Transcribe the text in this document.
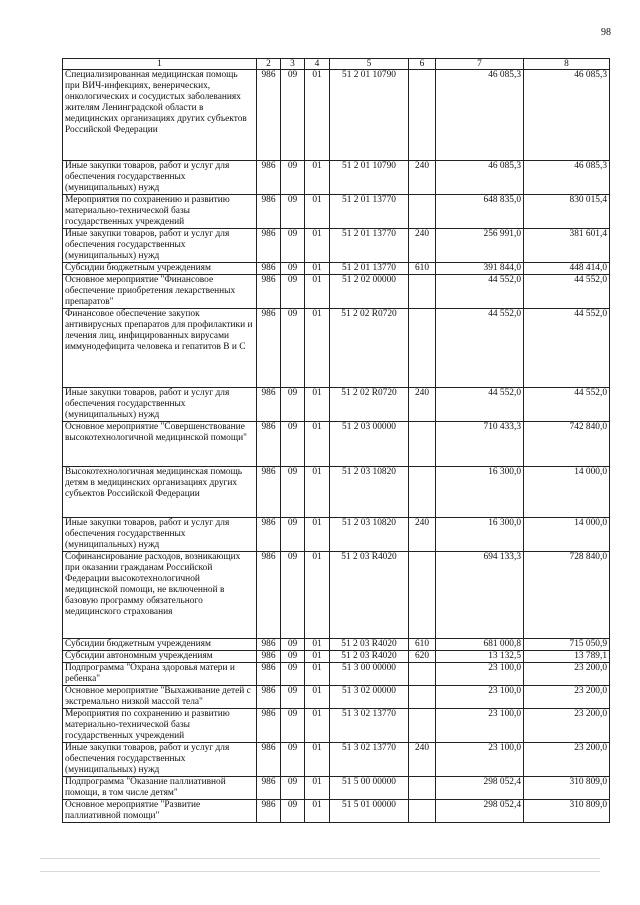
98
1	2	3	4	5	6	7	8
Специализированная медицинская помощь при ВИЧ-инфекциях, венерических, онкологических и сосудистых заболеваниях жителям Ленинградской области в медицинских организациях других субъектов Российской Федерации	986	09	01	51 2 01 10790		46 085,3	46 085,3
Иные закупки товаров, работ и услуг для обеспечения государственных (муниципальных) нужд	986	09	01	51 2 01 10790	240	46 085,3	46 085,3
Мероприятия по сохранению и развитию материально-технической базы государственных учреждений	986	09	01	51 2 01 13770		648 835,0	830 015,4
Иные закупки товаров, работ и услуг для обеспечения государственных (муниципальных) нужд	986	09	01	51 2 01 13770	240	256 991,0	381 601,4
Субсидии бюджетным учреждениям	986	09	01	51 2 01 13770	610	391 844,0	448 414,0
Основное мероприятие "Финансовое обеспечение приобретения лекарственных препаратов"	986	09	01	51 2 02 00000		44 552,0	44 552,0
Финансовое обеспечение закупок антивирусных препаратов для профилактики и лечения лиц, инфицированных вирусами иммунодефицита человека и гепатитов В и С	986	09	01	51 2 02 R0720		44 552,0	44 552,0
Иные закупки товаров, работ и услуг для обеспечения государственных (муниципальных) нужд	986	09	01	51 2 02 R0720	240	44 552,0	44 552,0
Основное мероприятие "Совершенствование высокотехнологичной медицинской помощи"	986	09	01	51 2 03 00000		710 433,3	742 840,0
Высокотехнологичная медицинская помощь детям в медицинских организациях других субъектов Российской Федерации	986	09	01	51 2 03 10820		16 300,0	14 000,0
Иные закупки товаров, работ и услуг для обеспечения государственных (муниципальных) нужд	986	09	01	51 2 03 10820	240	16 300,0	14 000,0
Софинансирование расходов, возникающих при оказании гражданам Российской Федерации высокотехнологичной медицинской помощи, не включенной в базовую программу обязательного медицинского страхования	986	09	01	51 2 03 R4020		694 133,3	728 840,0
Субсидии бюджетным учреждениям	986	09	01	51 2 03 R4020	610	681 000,8	715 050,9
Субсидии автономным учреждениям	986	09	01	51 2 03 R4020	620	13 132,5	13 789,1
Подпрограмма "Охрана здоровья матери и ребенка"	986	09	01	51 3 00 00000		23 100,0	23 200,0
Основное мероприятие "Выхаживание детей с экстремально низкой массой тела"	986	09	01	51 3 02 00000		23 100,0	23 200,0
Мероприятия по сохранению и развитию материально-технической базы государственных учреждений	986	09	01	51 3 02 13770		23 100,0	23 200,0
Иные закупки товаров, работ и услуг для обеспечения государственных (муниципальных) нужд	986	09	01	51 3 02 13770	240	23 100,0	23 200,0
Подпрограмма "Оказание паллиативной помощи, в том числе детям"	986	09	01	51 5 00 00000		298 052,4	310 809,0
Основное мероприятие "Развитие паллиативной помощи"	986	09	01	51 5 01 00000		298 052,4	310 809,0
